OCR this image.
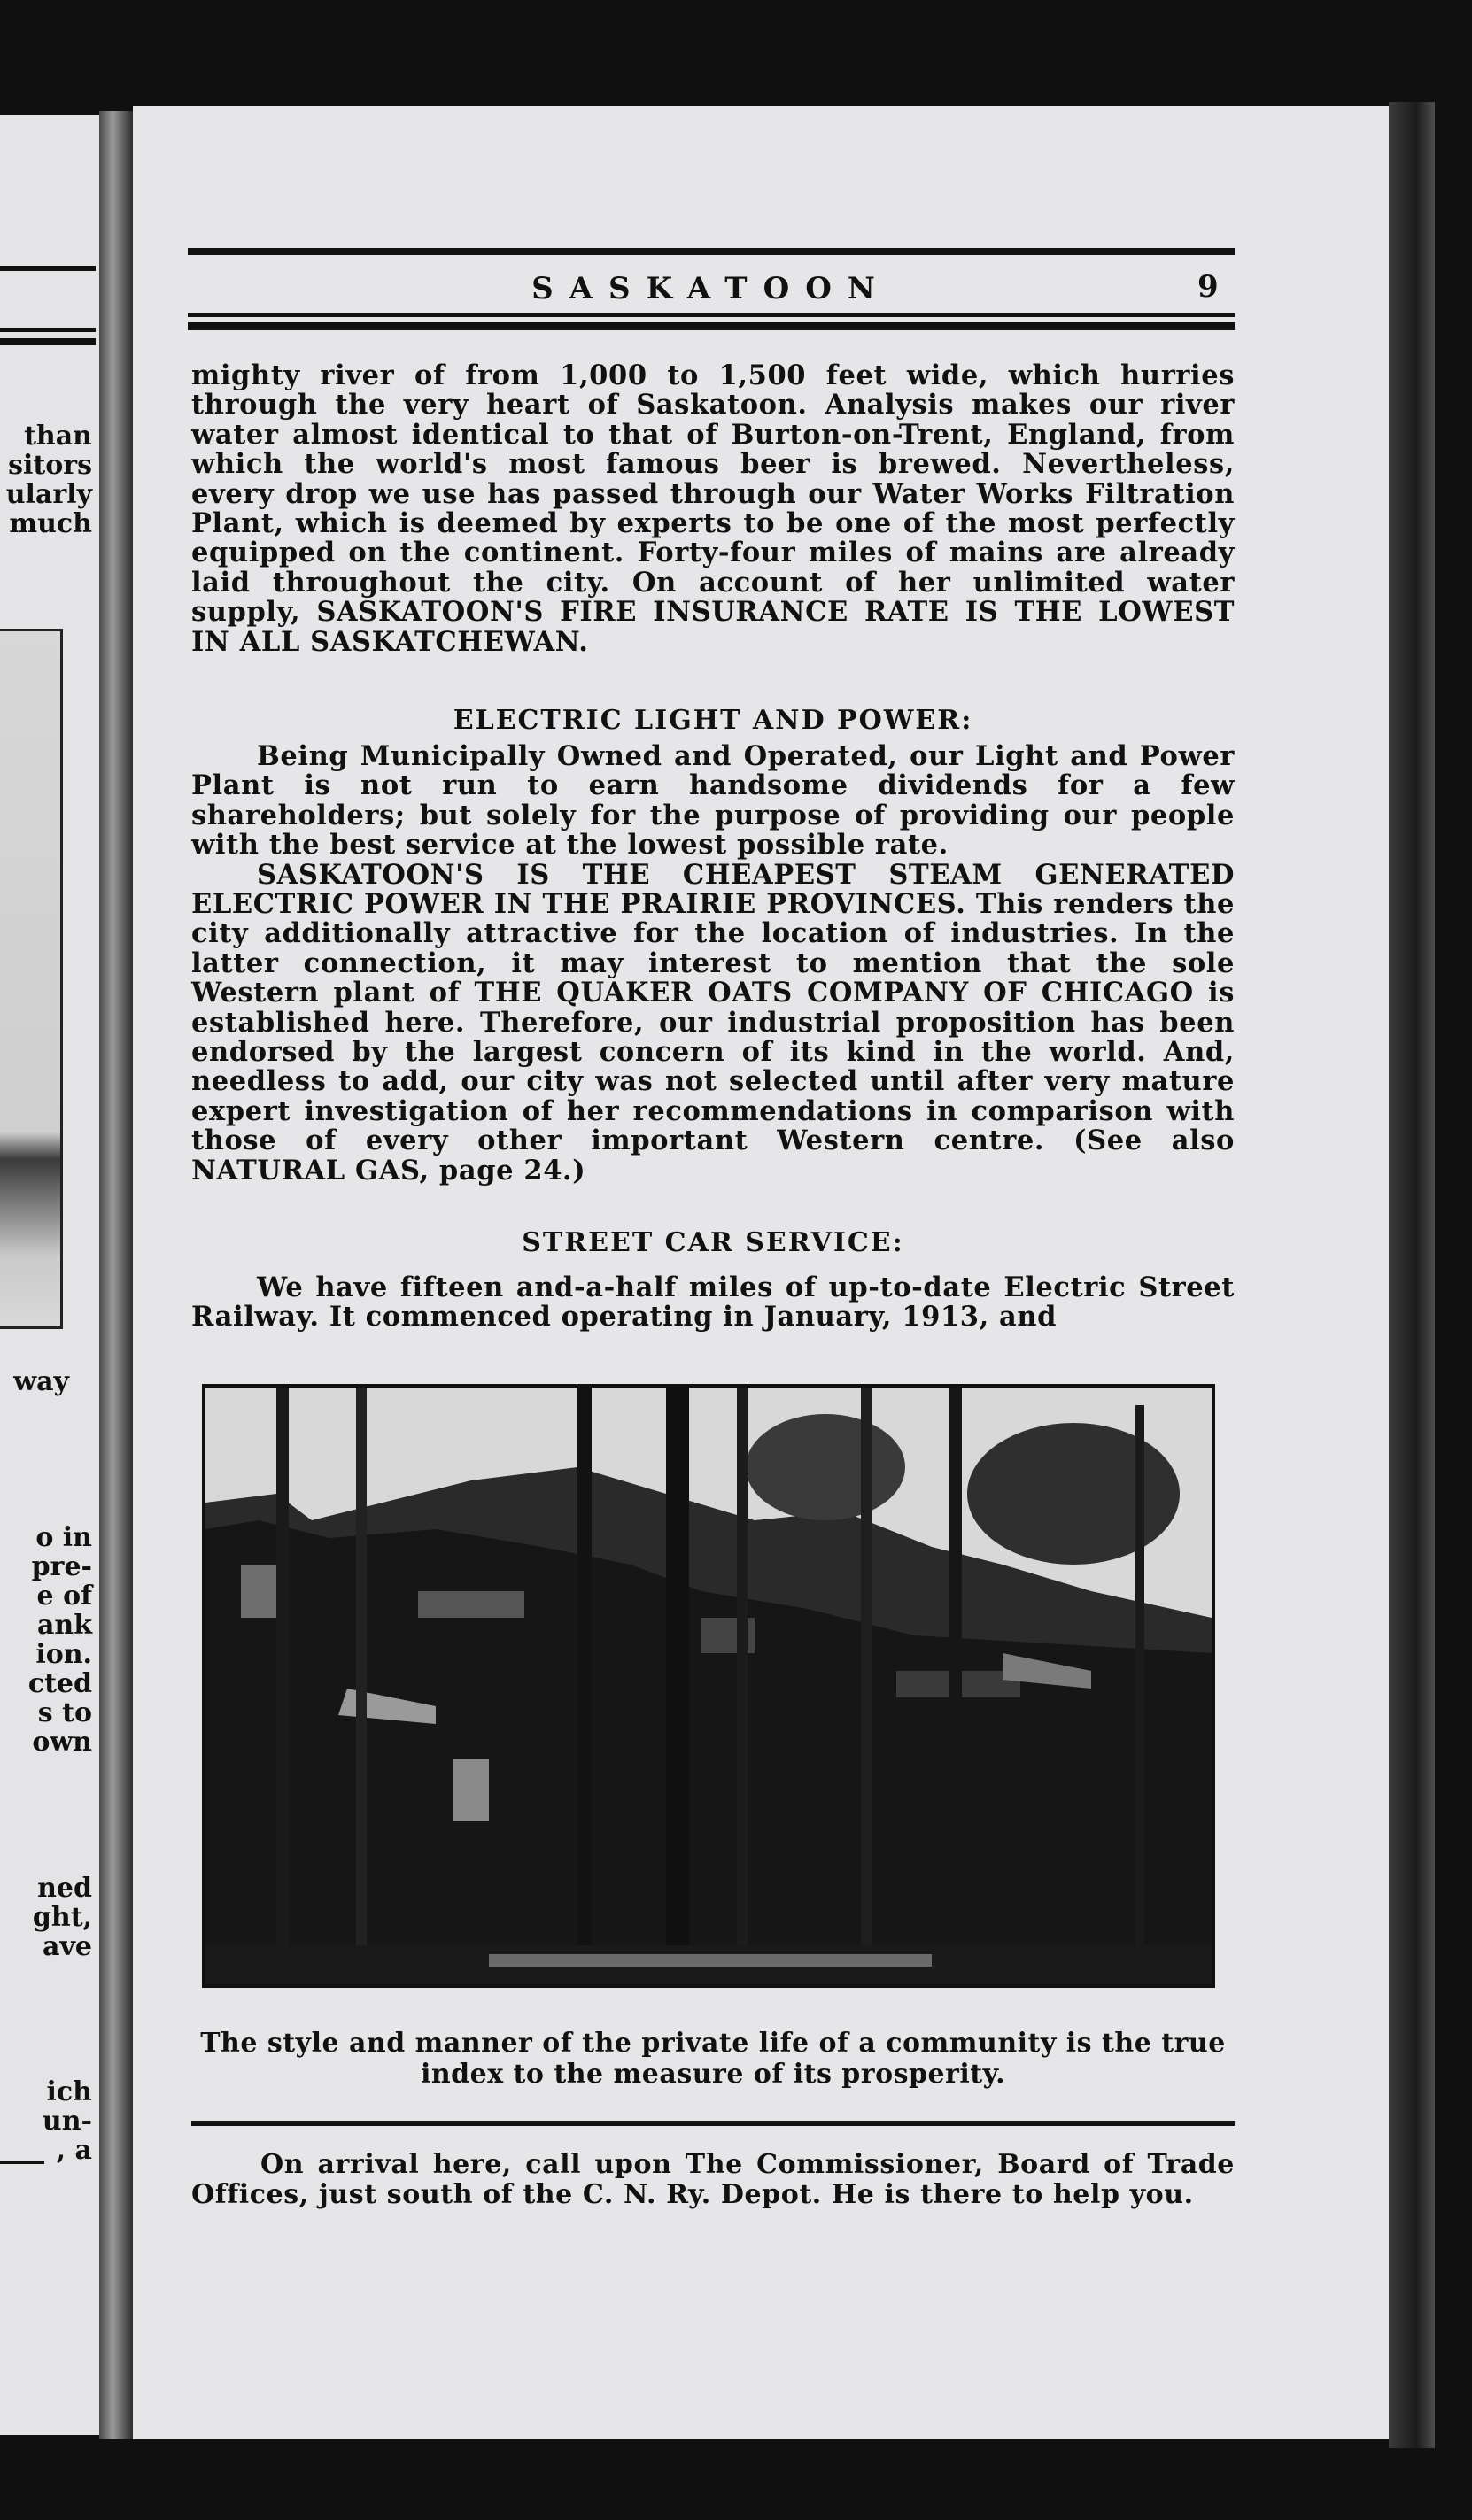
than
sitors
ularly
much
way
o in
pre-
e of
ank
ion.
cted
s to
own
ned
ght,
ave
ich
un-
, a
SASKATOON	9

mighty river of from 1,000 to 1,500 feet wide, which hurries through the very heart of Saskatoon. Analysis makes our river water almost identical to that of Burton-on-Trent, England, from which the world's most famous beer is brewed. Nevertheless, every drop we use has passed through our Water Works Filtration Plant, which is deemed by experts to be one of the most perfectly equipped on the continent. Forty-four miles of mains are already laid throughout the city. On account of her unlimited water supply, SASKATOON'S FIRE INSURANCE RATE IS THE LOWEST IN ALL SASKATCHEWAN.

ELECTRIC LIGHT AND POWER:

Being Municipally Owned and Operated, our Light and Power Plant is not run to earn handsome dividends for a few shareholders; but solely for the purpose of providing our people with the best service at the lowest possible rate.

SASKATOON'S IS THE CHEAPEST STEAM GENERATED ELECTRIC POWER IN THE PRAIRIE PROVINCES. This renders the city additionally attractive for the location of industries. In the latter connection, it may interest to mention that the sole Western plant of THE QUAKER OATS COMPANY OF CHICAGO is established here. Therefore, our industrial proposition has been endorsed by the largest concern of its kind in the world. And, needless to add, our city was not selected until after very mature expert investigation of her recommendations in comparison with those of every other important Western centre. (See also NATURAL GAS, page 24.)

STREET CAR SERVICE:

We have fifteen and-a-half miles of up-to-date Electric Street Railway. It commenced operating in January, 1913, and

The style and manner of the private life of a community is the true index to the measure of its prosperity.
On arrival here, call upon The Commissioner, Board of Trade Offices, just south of the C. N. Ry. Depot. He is there to help you.
